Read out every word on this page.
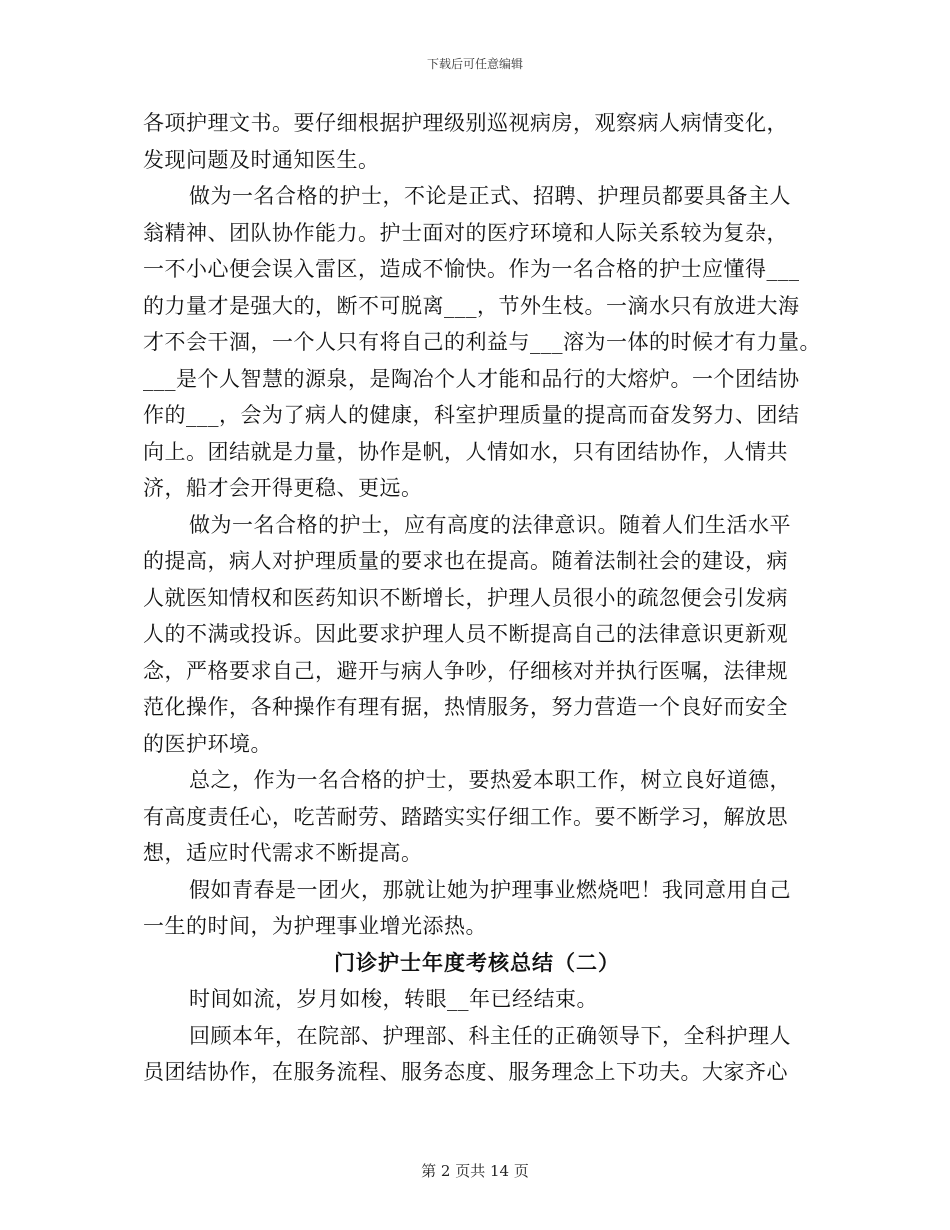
下载后可任意编辑
各项护理文书。要仔细根据护理级别巡视病房，观察病人病情变化，
发现问题及时通知医生。
做为一名合格的护士，不论是正式、招聘、护理员都要具备主人
翁精神、团队协作能力。护士面对的医疗环境和人际关系较为复杂，
一不小心便会误入雷区，造成不愉快。作为一名合格的护士应懂得___
的力量才是强大的，断不可脱离___，节外生枝。一滴水只有放进大海
才不会干涸，一个人只有将自己的利益与___溶为一体的时候才有力量。
___是个人智慧的源泉，是陶冶个人才能和品行的大熔炉。一个团结协
作的___，会为了病人的健康，科室护理质量的提高而奋发努力、团结
向上。团结就是力量，协作是帆，人情如水，只有团结协作，人情共
济，船才会开得更稳、更远。
做为一名合格的护士，应有高度的法律意识。随着人们生活水平
的提高，病人对护理质量的要求也在提高。随着法制社会的建设，病
人就医知情权和医药知识不断增长，护理人员很小的疏忽便会引发病
人的不满或投诉。因此要求护理人员不断提高自己的法律意识更新观
念，严格要求自己，避开与病人争吵，仔细核对并执行医嘱，法律规
范化操作，各种操作有理有据，热情服务，努力营造一个良好而安全
的医护环境。
总之，作为一名合格的护士，要热爱本职工作，树立良好道德，
有高度责任心，吃苦耐劳、踏踏实实仔细工作。要不断学习，解放思
想，适应时代需求不断提高。
假如青春是一团火，那就让她为护理事业燃烧吧！我同意用自己
一生的时间，为护理事业增光添热。
门诊护士年度考核总结（二）
时间如流，岁月如梭，转眼__年已经结束。
回顾本年，在院部、护理部、科主任的正确领导下，全科护理人
员团结协作，在服务流程、服务态度、服务理念上下功夫。大家齐心
第 2 页共 14 页
